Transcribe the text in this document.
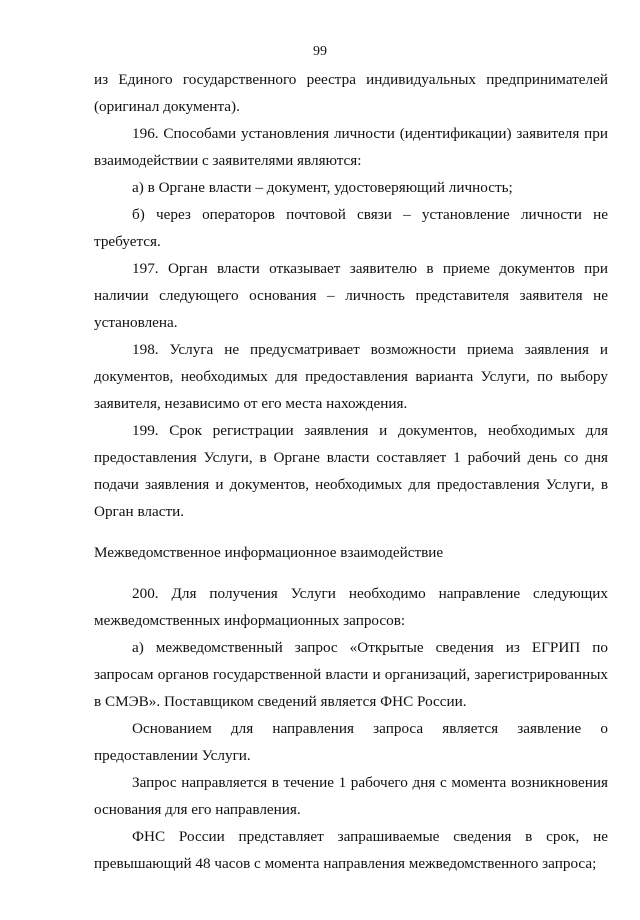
99

из Единого государственного реестра индивидуальных предпринимателей (оригинал документа).

196. Способами установления личности (идентификации) заявителя при взаимодействии с заявителями являются:

а) в Органе власти – документ, удостоверяющий личность;

б) через операторов почтовой связи – установление личности не требуется.

197. Орган власти отказывает заявителю в приеме документов при наличии следующего основания – личность представителя заявителя не установлена.

198. Услуга не предусматривает возможности приема заявления и документов, необходимых для предоставления варианта Услуги, по выбору заявителя, независимо от его места нахождения.

199. Срок регистрации заявления и документов, необходимых для предоставления Услуги, в Органе власти составляет 1 рабочий день со дня подачи заявления и документов, необходимых для предоставления Услуги, в Орган власти.

Межведомственное информационное взаимодействие

200. Для получения Услуги необходимо направление следующих межведомственных информационных запросов:

а) межведомственный запрос «Открытые сведения из ЕГРИП по запросам органов государственной власти и организаций, зарегистрированных в СМЭВ». Поставщиком сведений является ФНС России.

Основанием для направления запроса является заявление о предоставлении Услуги.

Запрос направляется в течение 1 рабочего дня с момента возникновения основания для его направления.

ФНС России представляет запрашиваемые сведения в срок, не превышающий 48 часов с момента направления межведомственного запроса;
